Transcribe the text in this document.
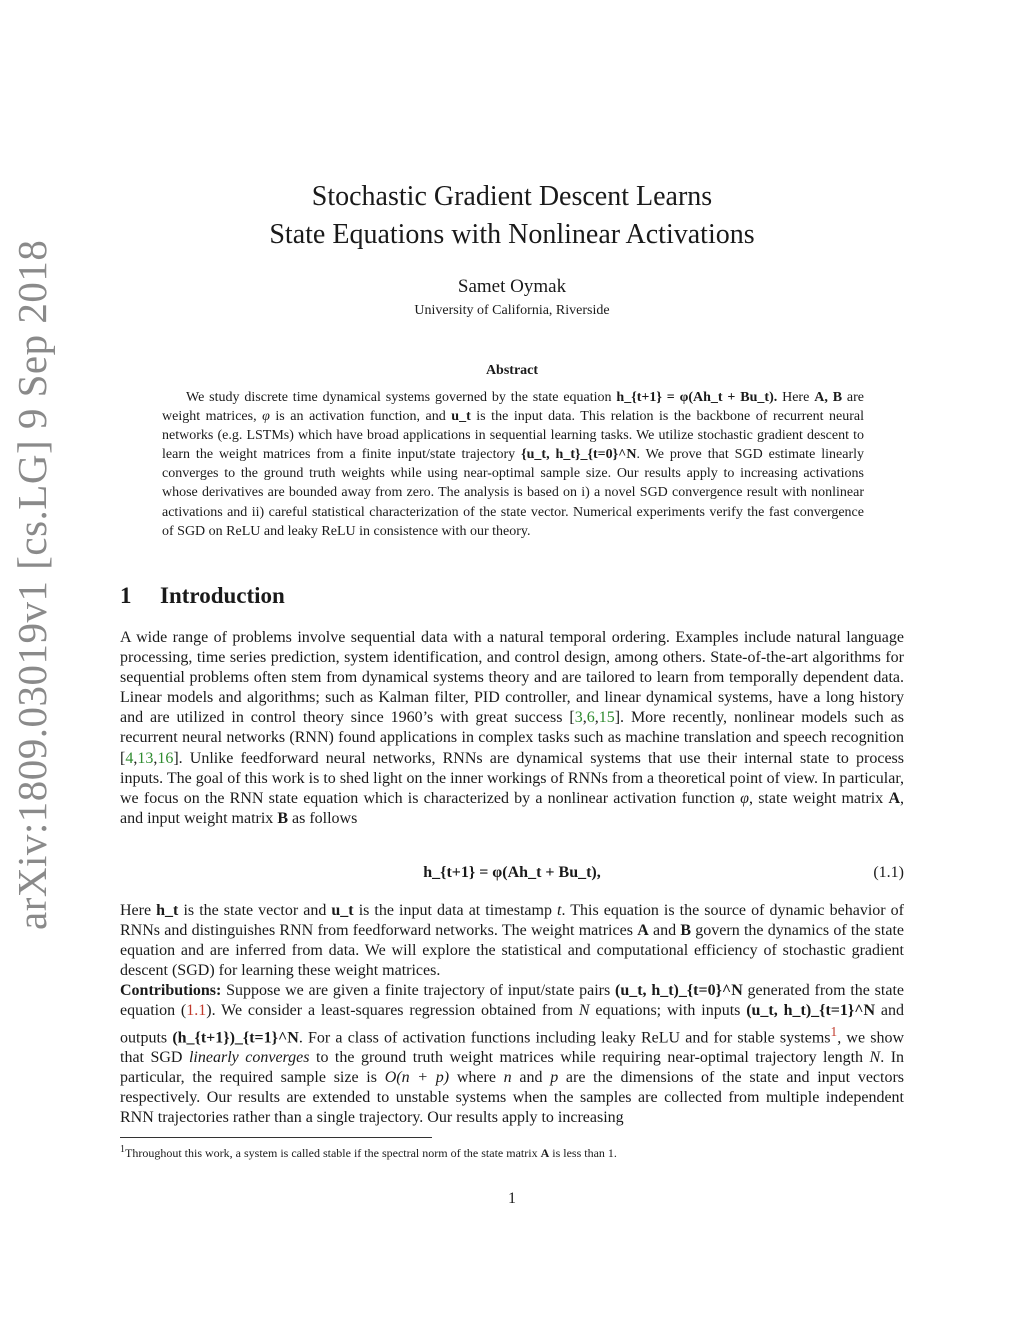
arXiv:1809.03019v1 [cs.LG] 9 Sep 2018
Stochastic Gradient Descent Learns
State Equations with Nonlinear Activations
Samet Oymak
University of California, Riverside
Abstract
We study discrete time dynamical systems governed by the state equation h_{t+1} = φ(Ah_t + Bu_t). Here A, B are weight matrices, φ is an activation function, and u_t is the input data. This relation is the backbone of recurrent neural networks (e.g. LSTMs) which have broad applications in sequential learning tasks. We utilize stochastic gradient descent to learn the weight matrices from a finite input/state trajectory {u_t, h_t}_{t=0}^N. We prove that SGD estimate linearly converges to the ground truth weights while using near-optimal sample size. Our results apply to increasing activations whose derivatives are bounded away from zero. The analysis is based on i) a novel SGD convergence result with nonlinear activations and ii) careful statistical characterization of the state vector. Numerical experiments verify the fast convergence of SGD on ReLU and leaky ReLU in consistence with our theory.
1 Introduction
A wide range of problems involve sequential data with a natural temporal ordering. Examples include natural language processing, time series prediction, system identification, and control design, among others. State-of-the-art algorithms for sequential problems often stem from dynamical systems theory and are tailored to learn from temporally dependent data. Linear models and algorithms; such as Kalman filter, PID controller, and linear dynamical systems, have a long history and are utilized in control theory since 1960’s with great success [3,6,15]. More recently, nonlinear models such as recurrent neural networks (RNN) found applications in complex tasks such as machine translation and speech recognition [4,13,16]. Unlike feedforward neural networks, RNNs are dynamical systems that use their internal state to process inputs. The goal of this work is to shed light on the inner workings of RNNs from a theoretical point of view. In particular, we focus on the RNN state equation which is characterized by a nonlinear activation function φ, state weight matrix A, and input weight matrix B as follows
h_{t+1} = φ(Ah_t + Bu_t),	(1.1)
Here h_t is the state vector and u_t is the input data at timestamp t. This equation is the source of dynamic behavior of RNNs and distinguishes RNN from feedforward networks. The weight matrices A and B govern the dynamics of the state equation and are inferred from data. We will explore the statistical and computational efficiency of stochastic gradient descent (SGD) for learning these weight matrices.
Contributions: Suppose we are given a finite trajectory of input/state pairs (u_t, h_t)_{t=0}^N generated from the state equation (1.1). We consider a least-squares regression obtained from N equations; with inputs (u_t, h_t)_{t=1}^N and outputs (h_{t+1})_{t=1}^N. For a class of activation functions including leaky ReLU and for stable systems$^1$, we show that SGD linearly converges to the ground truth weight matrices while requiring near-optimal trajectory length N. In particular, the required sample size is O(n + p) where n and p are the dimensions of the state and input vectors respectively. Our results are extended to unstable systems when the samples are collected from multiple independent RNN trajectories rather than a single trajectory. Our results apply to increasing
$^1$Throughout this work, a system is called stable if the spectral norm of the state matrix A is less than 1.
1
